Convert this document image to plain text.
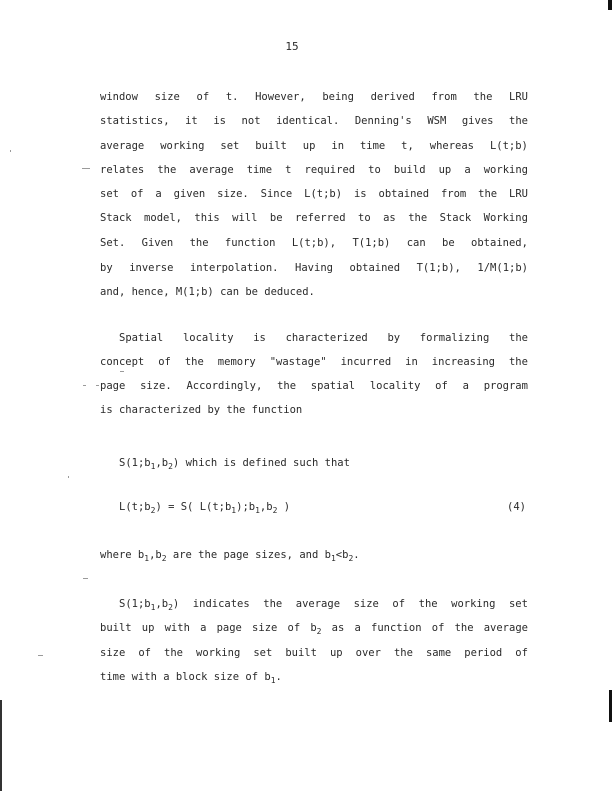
15
window size of t. However, being derived from the LRU
statistics, it is not identical. Denning's WSM gives the
average working set built up in time t, whereas L(t;b)
relates the average time t required to build up a working
set of a given size. Since L(t;b) is obtained from the LRU
Stack model, this will be referred to as the Stack Working
Set. Given the function L(t;b), T(1;b) can be obtained,
by inverse interpolation. Having obtained T(1;b), 1/M(1;b)
and, hence, M(1;b) can be deduced.
Spatial locality is characterized by formalizing the
concept of the memory "wastage" incurred in increasing the
page size. Accordingly, the spatial locality of a program
is characterized by the function
$S(1;b_1,b_2)$ which is defined such that
$L(t;b_2) = S$( $L(t;b_1);b_1,b_2$ )	(4)
where $b_1,b_2$ are the page sizes, and $b_1<b_2$.
$S(1;b_1,b_2)$ indicates the average size of the working set
built up with a page size of $b_2$ as a function of the average
size of the working set built up over the same period of
time with a block size of $b_1$.
